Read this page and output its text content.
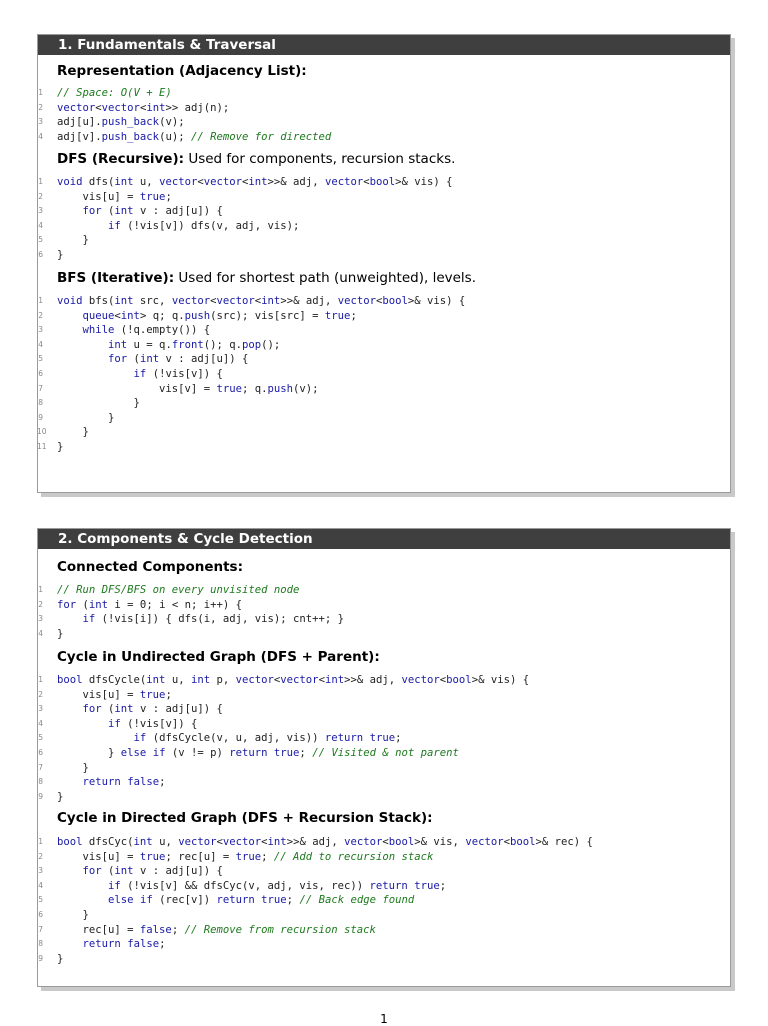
1. Fundamentals & Traversal
Representation (Adjacency List):
1 // Space: O(V + E)
2 vector<vector<int>> adj(n);
3 adj[u].push_back(v);
4 adj[v].push_back(u); // Remove for directed
DFS (Recursive): Used for components, recursion stacks.
1 void dfs(int u, vector<vector<int>>& adj, vector<bool>& vis) {
2 vis[u] = true;
3	for (int v : adj[u]) {
4	if (!vis[v]) dfs(v, adj, vis);
5 }
6 }
BFS (Iterative): Used for shortest path (unweighted), levels.
1 void bfs(int src, vector<vector<int>>& adj, vector<bool>& vis) {
2	queue<int> q; q.push(src); vis[src] = true;
3	while (!q.empty()) {
4	int u = q.front(); q.pop();
5	for (int v : adj[u]) {
6	if (!vis[v]) {
7 vis[v] = true; q.push(v);
8 }
9 }
10 }
11 }
2. Components & Cycle Detection
Connected Components:
1 // Run DFS/BFS on every unvisited node
2 for (int i = 0; i < n; i++) {
3	if (!vis[i]) { dfs(i, adj, vis); cnt++; }
4 }
Cycle in Undirected Graph (DFS + Parent):
1 bool dfsCycle(int u, int p, vector<vector<int>>& adj, vector<bool>& vis) {
2 vis[u] = true;
3	for (int v : adj[u]) {
4	if (!vis[v]) {
5	if (dfsCycle(v, u, adj, vis)) return true;
6 } else if (v != p) return true; // Visited & not parent
7 }
8	return false;
9 }
Cycle in Directed Graph (DFS + Recursion Stack):
1 bool dfsCyc(int u, vector<vector<int>>& adj, vector<bool>& vis, vector<bool>& rec) {
2 vis[u] = true; rec[u] = true; // Add to recursion stack
3	for (int v : adj[u]) {
4	if (!vis[v] && dfsCyc(v, adj, vis, rec)) return true;
5	else if (rec[v]) return true; // Back edge found
6 }
7 rec[u] = false; // Remove from recursion stack
8	return false;
9 }
1
